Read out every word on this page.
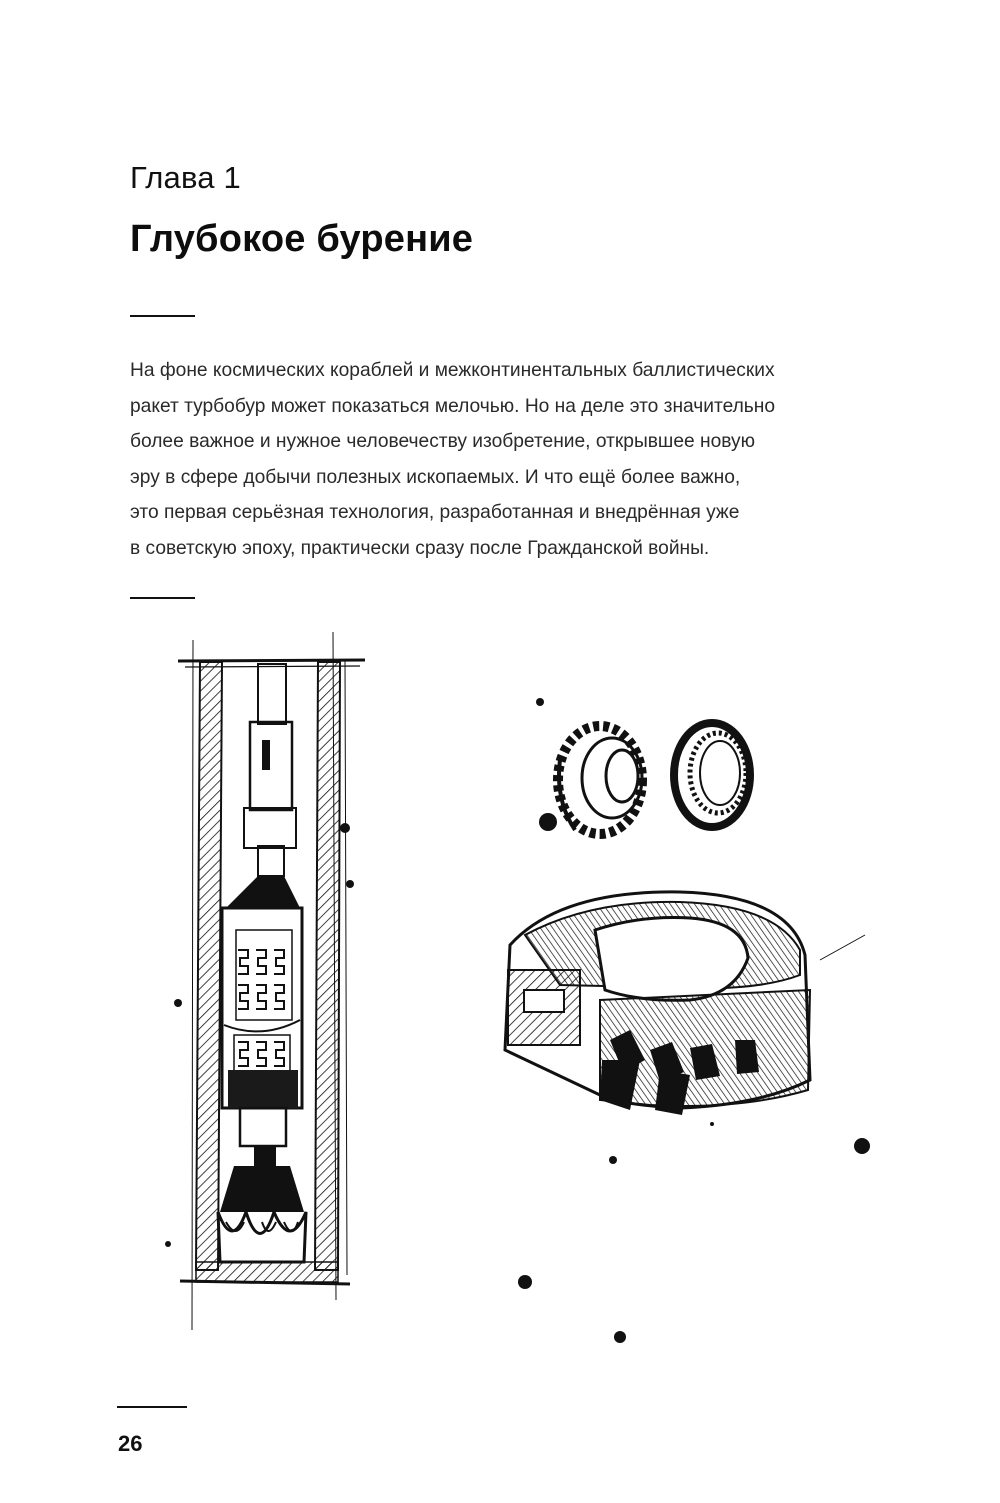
Глава 1
Глубокое бурение
На фоне космических кораблей и межконтинентальных баллистических
ракет турбобур может показаться мелочью. Но на деле это значительно
более важное и нужное человечеству изобретение, открывшее новую
эру в сфере добычи полезных ископаемых. И что ещё более важно,
это первая серьёзная технология, разработанная и внедрённая уже
в советскую эпоху, практически сразу после Гражданской войны.
26
